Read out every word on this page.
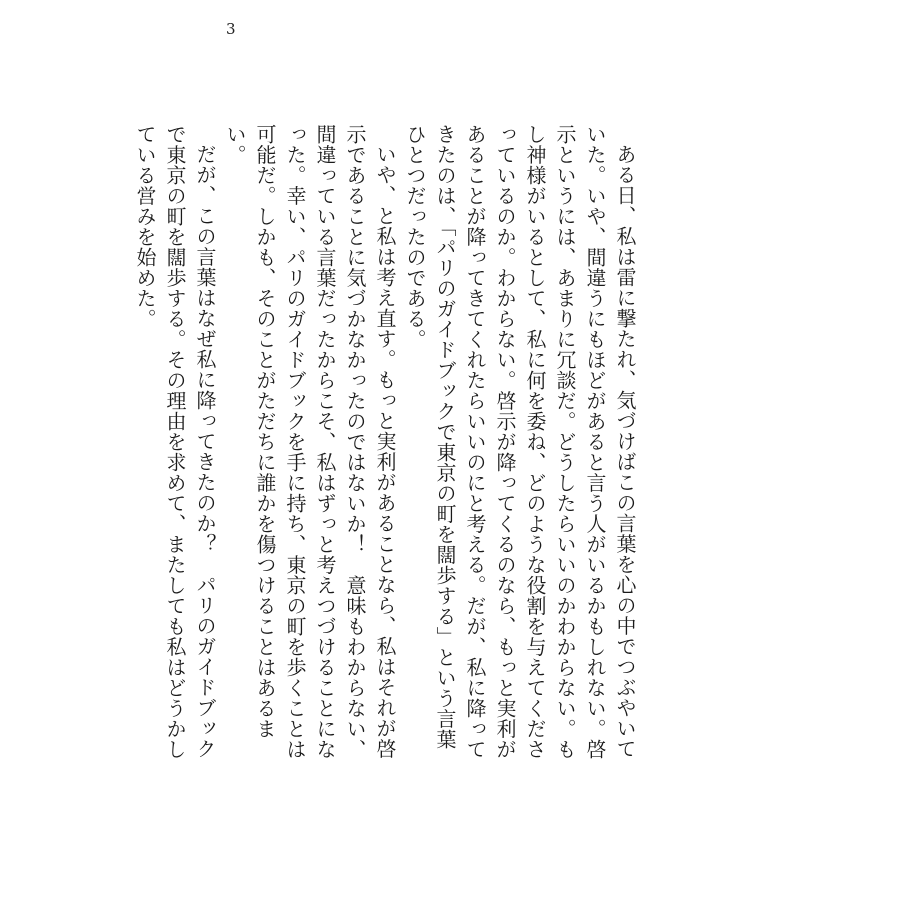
3

ある日、私は雷に撃たれ、気づけばこの言葉を心の中でつぶやいていた。いや、間違うにもほどがあると言う人がいるかもしれない。啓示というには、あまりに冗談だ。どうしたらいいのかわからない。もし神様がいるとして、私に何を委ね、どのような役割を与えてくださっているのか。わからない。啓示が降ってくるのなら、もっと実利があることが降ってきてくれたらいいのにと考える。だが、私に降ってきたのは、「パリのガイドブックで東京の町を闊歩する」という言葉ひとつだったのである。

いや、と私は考え直す。もっと実利があることなら、私はそれが啓示であることに気づかなかったのではないか！　意味もわからない、間違っている言葉だったからこそ、私はずっと考えつづけることになった。幸い、パリのガイドブックを手に持ち、東京の町を歩くことは可能だ。しかも、そのことがただちに誰かを傷つけることはあるまい。

だが、この言葉はなぜ私に降ってきたのか？　パリのガイドブックで東京の町を闊歩する。その理由を求めて、またしても私はどうかしている営みを始めた。
